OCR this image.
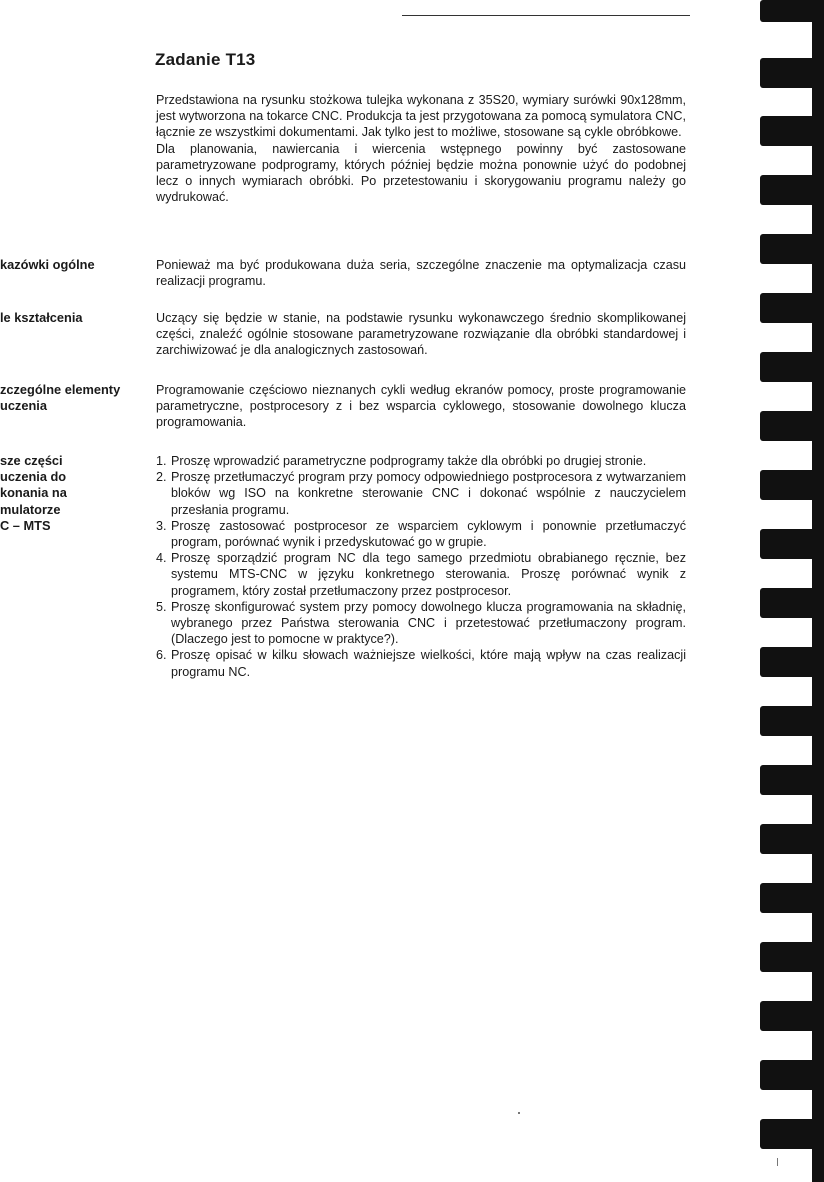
Zadanie T13

Przedstawiona na rysunku stożkowa tulejka wykonana z 35S20, wymiary surówki 90x128mm, jest wytworzona na tokarce CNC. Produkcja ta jest przygotowana za pomocą symulatora CNC, łącznie ze wszystkimi dokumentami. Jak tylko jest to możliwe, stosowane są cykle obróbkowe.

Dla planowania, nawiercania i wiercenia wstępnego powinny być zastosowane parametryzowane podprogramy, których później będzie można ponownie użyć do podobnej lecz o innych wymiarach obróbki. Po przetestowaniu i skorygowaniu programu należy go wydrukować.

kazówki ogólne	Ponieważ ma być produkowana duża seria, szczególne znaczenie ma optymalizacja czasu realizacji programu.
le kształcenia	Uczący się będzie w stanie, na podstawie rysunku wykonawczego średnio skomplikowanej części, znaleźć ogólnie stosowane parametryzowane rozwiązanie dla obróbki standardowej i zarchiwizować je dla analogicznych zastosowań.
zczególne elementy
uczenia
Programowanie częściowo nieznanych cykli według ekranów pomocy, proste programowanie parametryczne, postprocesory z i bez wsparcia cyklowego, stosowanie dowolnego klucza programowania.
sze części
uczenia do
konania na
mulatorze
C – MTS
1. Proszę wprowadzić parametryczne podprogramy także dla obróbki po drugiej stronie.
2. Proszę przetłumaczyć program przy pomocy odpowiedniego postprocesora z wytwarzaniem bloków wg ISO na konkretne sterowanie CNC i dokonać wspólnie z nauczycielem przesłania programu.
3. Proszę zastosować postprocesor ze wsparciem cyklowym i ponownie przetłumaczyć program, porównać wynik i przedyskutować go w grupie.
4. Proszę sporządzić program NC dla tego samego przedmiotu obrabianego ręcznie, bez systemu MTS-CNC w języku konkretnego sterowania. Proszę porównać wynik z programem, który został przetłumaczony przez postprocesor.
5. Proszę skonfigurować system przy pomocy dowolnego klucza programowania na składnię, wybranego przez Państwa sterowania CNC i przetestować przetłumaczony program. (Dlaczego jest to pomocne w praktyce?).
6. Proszę opisać w kilku słowach ważniejsze wielkości, które mają wpływ na czas realizacji programu NC.
